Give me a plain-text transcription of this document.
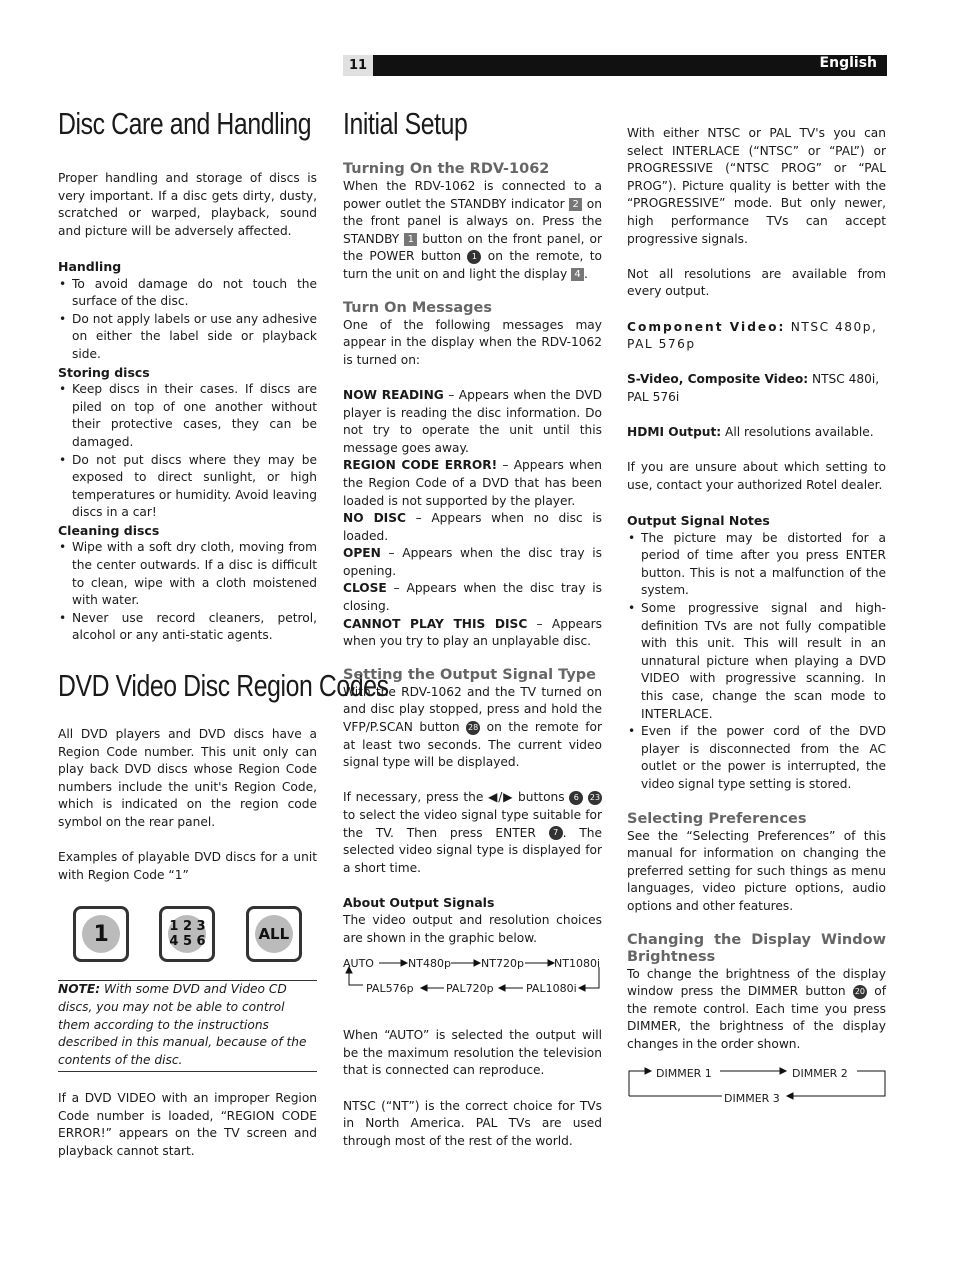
11	English
Disc Care and Handling

Proper handling and storage of discs is very important. If a disc gets dirty, dusty, scratched or warped, playback, sound and picture will be adversely affected.

Handling
• To avoid damage do not touch the surface of the disc.
• Do not apply labels or use any adhesive on either the label side or playback side.
Storing discs
• Keep discs in their cases. If discs are piled on top of one another without their protective cases, they can be damaged.
• Do not put discs where they may be exposed to direct sunlight, or high temperatures or humidity. Avoid leaving discs in a car!
Cleaning discs
• Wipe with a soft dry cloth, moving from the center outwards. If a disc is difficult to clean, wipe with a cloth moistened with water.
• Never use record cleaners, petrol, alcohol or any anti-static agents.
DVD Video Disc Region Codes

All DVD players and DVD discs have a Region Code number. This unit only can play back DVD discs whose Region Code numbers include the unit's Region Code, which is indicated on the region code symbol on the rear panel.

Examples of playable DVD discs for a unit with Region Code “1”

1	1 2 3 4 5 6	ALL

NOTE: With some DVD and Video CD discs, you may not be able to control them according to the instructions described in this manual, because of the contents of the disc.

If a DVD VIDEO with an improper Region Code number is loaded, “REGION CODE ERROR!” appears on the TV screen and playback cannot start.

Initial Setup
Turning On the RDV-1062

When the RDV-1062 is connected to a power outlet the STANDBY indicator 2 on the front panel is always on. Press the STANDBY 1 button on the front panel, or the POWER button 1 on the remote, to turn the unit on and light the display 4 .

Turn On Messages

One of the following messages may appear in the display when the RDV-1062 is turned on:

NOW READING – Appears when the DVD player is reading the disc information. Do not try to operate the unit until this message goes away.

REGION CODE ERROR! – Appears when the Region Code of a DVD that has been loaded is not supported by the player.

NO DISC – Appears when no disc is loaded.

OPEN – Appears when the disc tray is opening.

CLOSE – Appears when the disc tray is closing.

CANNOT PLAY THIS DISC – Appears when you try to play an unplayable disc.

Setting the Output Signal Type

With the RDV-1062 and the TV turned on and disc play stopped, press and hold the VFP/P.SCAN button 28 on the remote for at least two seconds. The current video signal type will be displayed.

If necessary, press the ◀/▶ buttons 6 23 to select the video signal type suitable for the TV. Then press ENTER 7 . The selected video signal type is displayed for a short time.

About Output Signals

The video output and resolution choices are shown in the graphic below.

AUTO	NT480p	NT720p	NT1080i
PAL576p	PAL720p	PAL1080i

When “AUTO” is selected the output will be the maximum resolution the television that is connected can reproduce.

NTSC (“NT”) is the correct choice for TVs in North America. PAL TVs are used through most of the rest of the world.

With either NTSC or PAL TV's you can select INTERLACE (“NTSC” or “PAL”) or PROGRESSIVE (“NTSC PROG” or “PAL PROG”). Picture quality is better with the “PROGRESSIVE” mode. But only newer, high performance TVs can accept progressive signals.

Not all resolutions are available from every output.

Component Video: NTSC 480p, PAL 576p

S-Video, Composite Video: NTSC 480i, PAL 576i

HDMI Output: All resolutions available.

If you are unsure about which setting to use, contact your authorized Rotel dealer.

Output Signal Notes
• The picture may be distorted for a period of time after you press ENTER button. This is not a malfunction of the system.
• Some progressive signal and high-definition TVs are not fully compatible with this unit. This will result in an unnatural picture when playing a DVD VIDEO with progressive scanning. In this case, change the scan mode to INTERLACE.
• Even if the power cord of the DVD player is disconnected from the AC outlet or the power is interrupted, the video signal type setting is stored.
Selecting Preferences

See the “Selecting Preferences” of this manual for information on changing the preferred setting for such things as menu languages, video picture options, audio options and other features.

Changing the Display Window Brightness

To change the brightness of the display window press the DIMMER button 20 of the remote control. Each time you press DIMMER, the brightness of the display changes in the order shown.

DIMMER 1	DIMMER 2
DIMMER 3
